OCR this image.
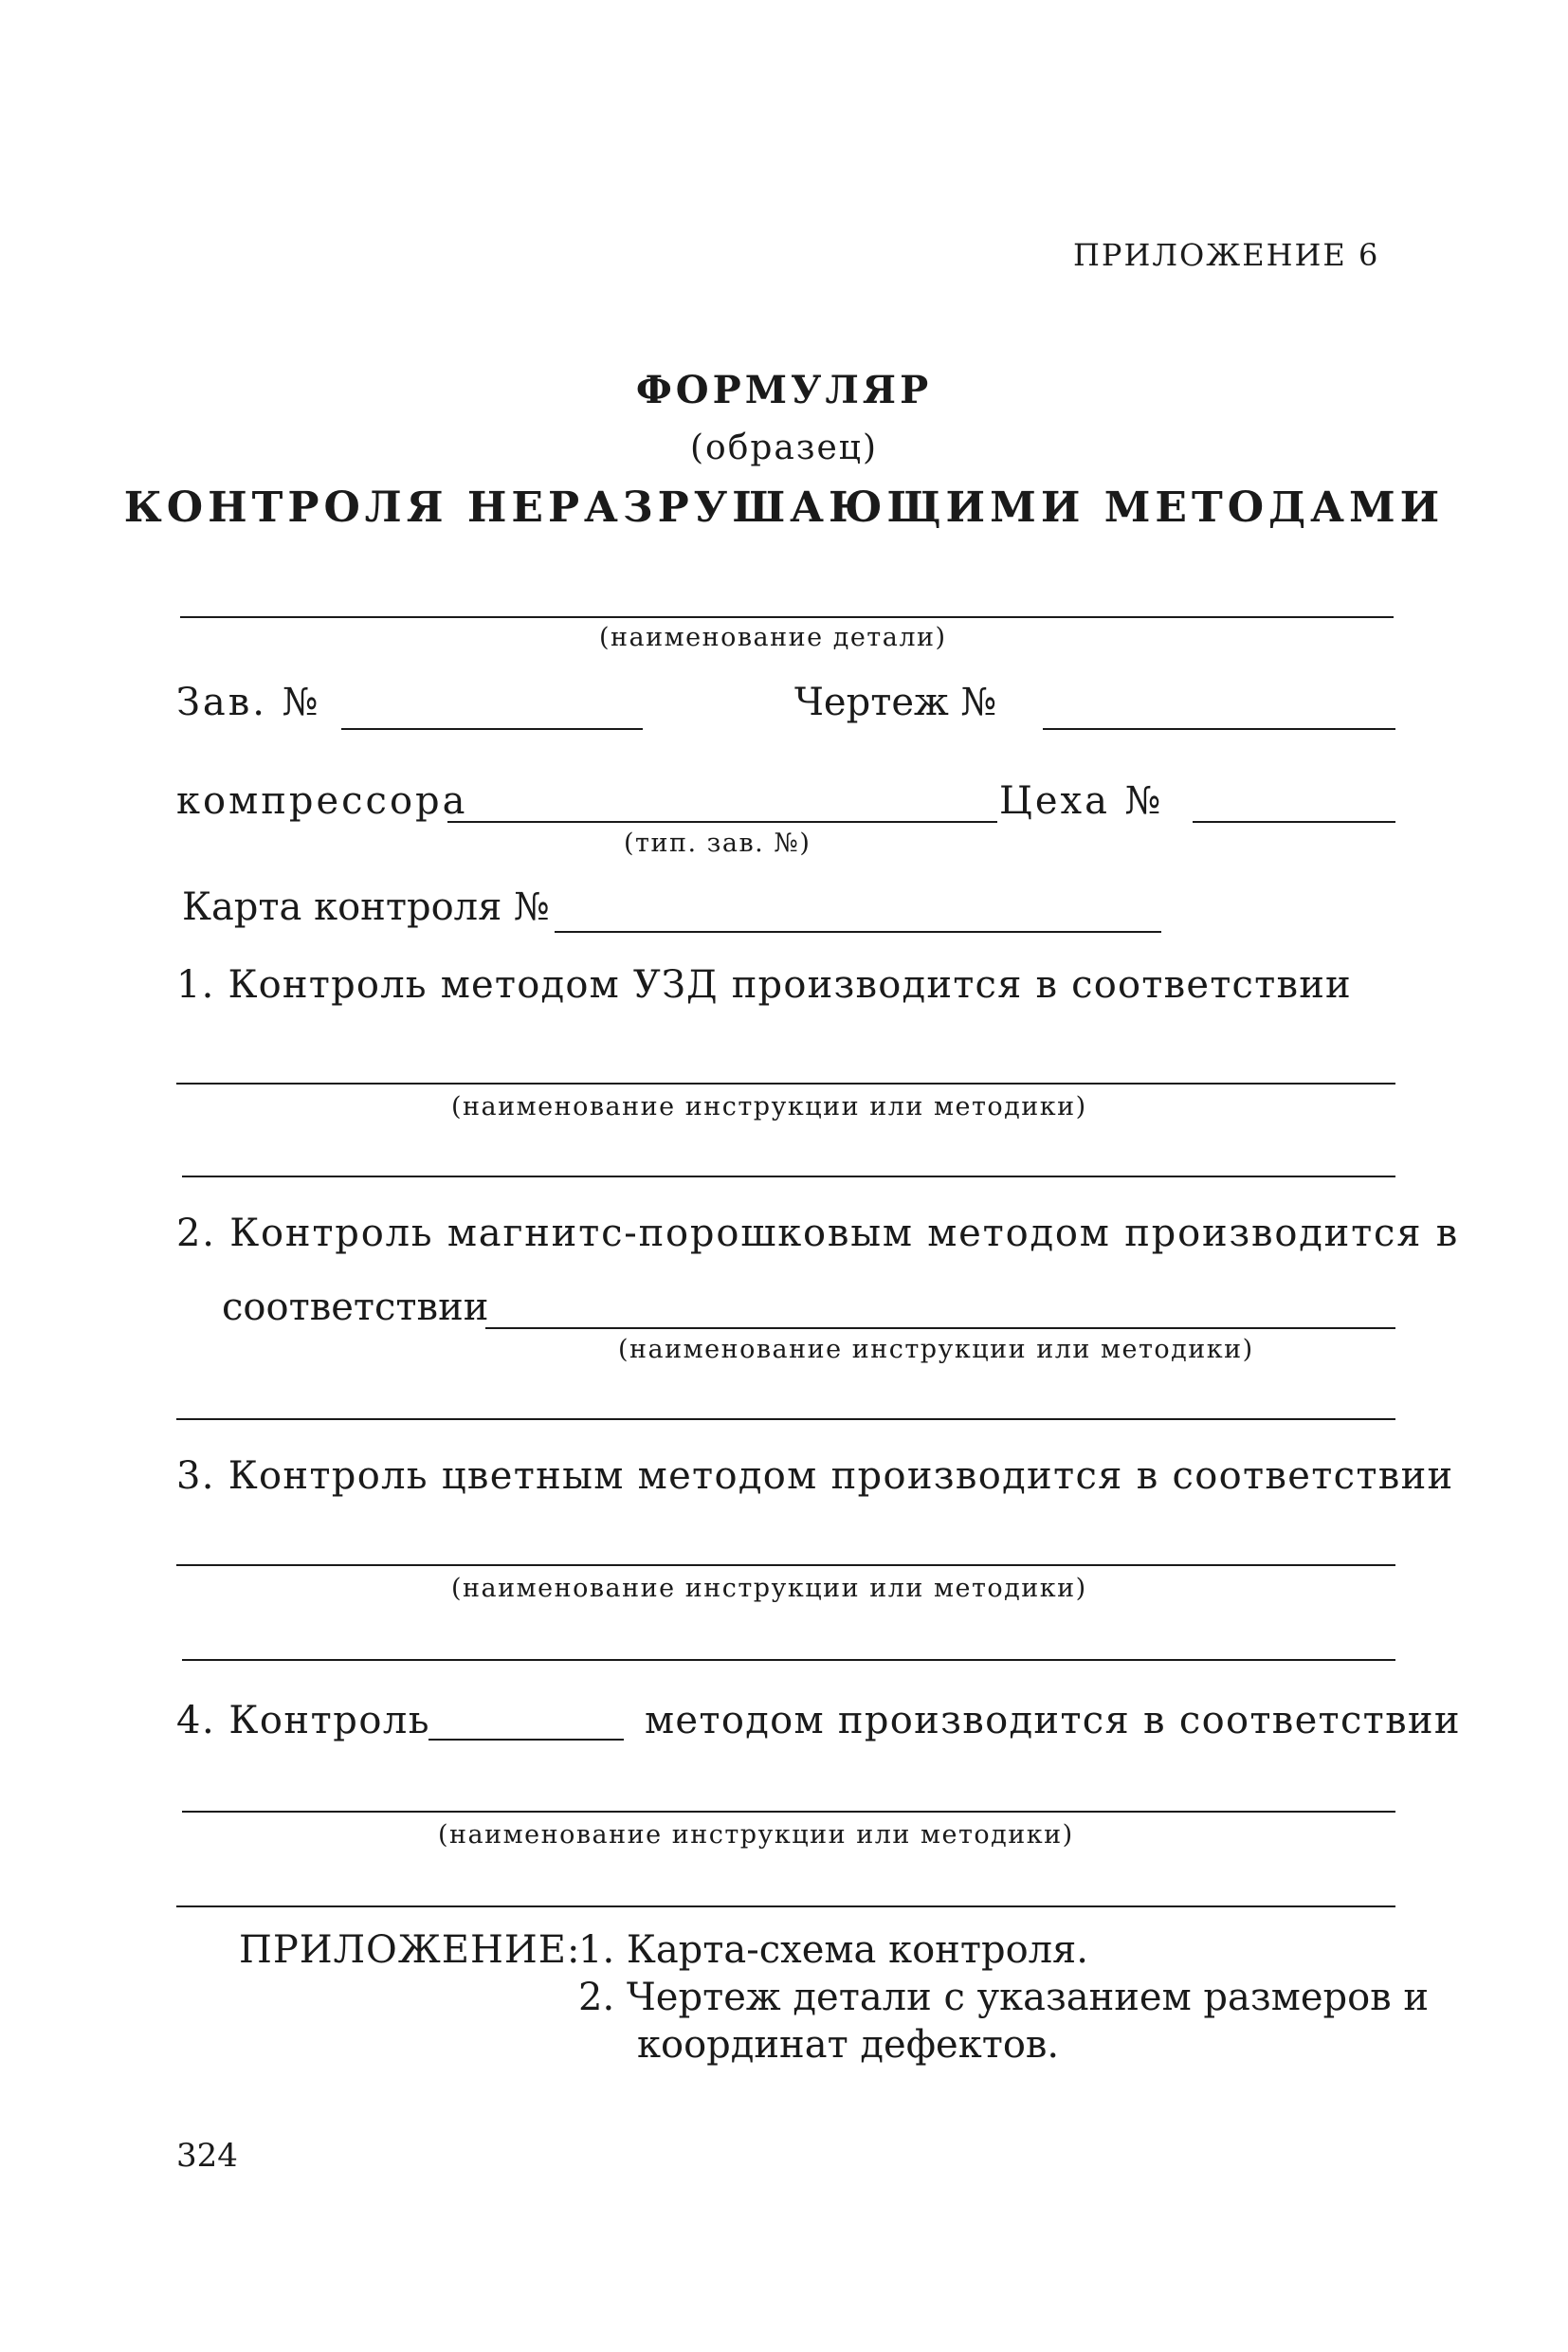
ПРИЛОЖЕНИЕ 6
ФОРМУЛЯР
(образец)
КОНТРОЛЯ НЕРАЗРУШАЮЩИМИ МЕТОДАМИ
(наименование детали)
Зав. №	Чертеж №
компрессора	Цеха №
(тип. зав. №)
Карта контроля №
1. Контроль методом УЗД производится в соответствии
(наименование инструкции или методики)
2. Контроль магнитс-порошковым методом производится в
соответствии
(наименование инструкции или методики)
3. Контроль цветным методом производится в соответствии
(наименование инструкции или методики)
4. Контроль	методом производится в соответствии
(наименование инструкции или методики)
ПРИЛОЖЕНИЕ:
1. Карта-схема контроля.
2. Чертеж детали с указанием размеров и
координат дефектов.
324
